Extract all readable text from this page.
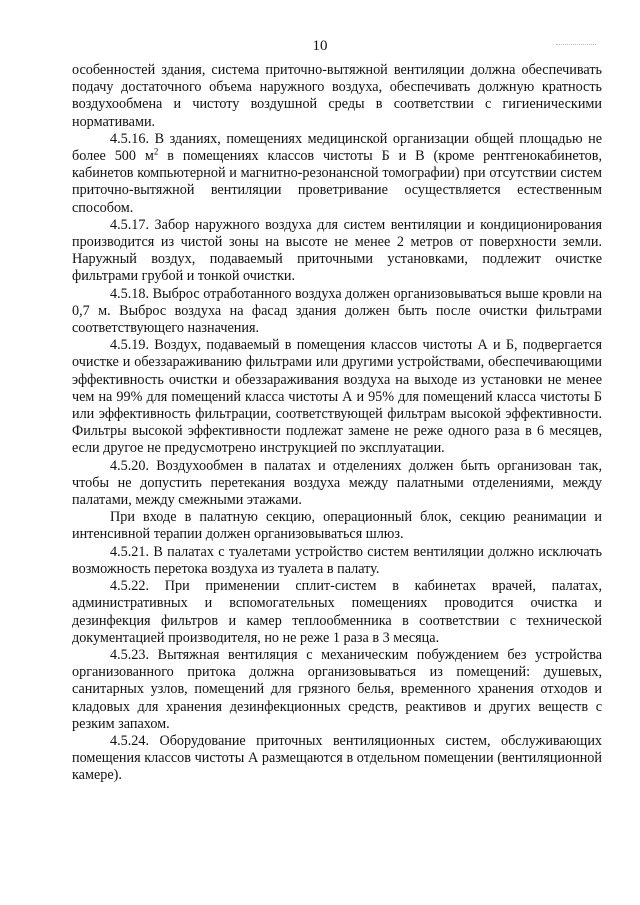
10

особенностей здания, система приточно-вытяжной вентиляции должна обеспечивать подачу достаточного объема наружного воздуха, обеспечивать должную кратность воздухообмена и чистоту воздушной среды в соответствии с гигиеническими нормативами.

4.5.16. В зданиях, помещениях медицинской организации общей площадью не более 500 $м^2$ в помещениях классов чистоты Б и В (кроме рентгенокабинетов, кабинетов компьютерной и магнитно-резонансной томографии) при отсутствии систем приточно-вытяжной вентиляции проветривание осуществляется естественным способом.

4.5.17. Забор наружного воздуха для систем вентиляции и кондиционирования производится из чистой зоны на высоте не менее 2 метров от поверхности земли. Наружный воздух, подаваемый приточными установками, подлежит очистке фильтрами грубой и тонкой очистки.

4.5.18. Выброс отработанного воздуха должен организовываться выше кровли на 0,7 м. Выброс воздуха на фасад здания должен быть после очистки фильтрами соответствующего назначения.

4.5.19. Воздух, подаваемый в помещения классов чистоты А и Б, подвергается очистке и обеззараживанию фильтрами или другими устройствами, обеспечивающими эффективность очистки и обеззараживания воздуха на выходе из установки не менее чем на 99% для помещений класса чистоты А и 95% для помещений класса чистоты Б или эффективность фильтрации, соответствующей фильтрам высокой эффективности. Фильтры высокой эффективности подлежат замене не реже одного раза в 6 месяцев, если другое не предусмотрено инструкцией по эксплуатации.

4.5.20. Воздухообмен в палатах и отделениях должен быть организован так, чтобы не допустить перетекания воздуха между палатными отделениями, между палатами, между смежными этажами.

При входе в палатную секцию, операционный блок, секцию реанимации и интенсивной терапии должен организовываться шлюз.

4.5.21. В палатах с туалетами устройство систем вентиляции должно исключать возможность перетока воздуха из туалета в палату.

4.5.22. При применении сплит-систем в кабинетах врачей, палатах, административных и вспомогательных помещениях проводится очистка и дезинфекция фильтров и камер теплообменника в соответствии с технической документацией производителя, но не реже 1 раза в 3 месяца.

4.5.23. Вытяжная вентиляция с механическим побуждением без устройства организованного притока должна организовываться из помещений: душевых, санитарных узлов, помещений для грязного белья, временного хранения отходов и кладовых для хранения дезинфекционных средств, реактивов и других веществ с резким запахом.

4.5.24. Оборудование приточных вентиляционных систем, обслуживающих помещения классов чистоты А размещаются в отдельном помещении (вентиляционной камере).
